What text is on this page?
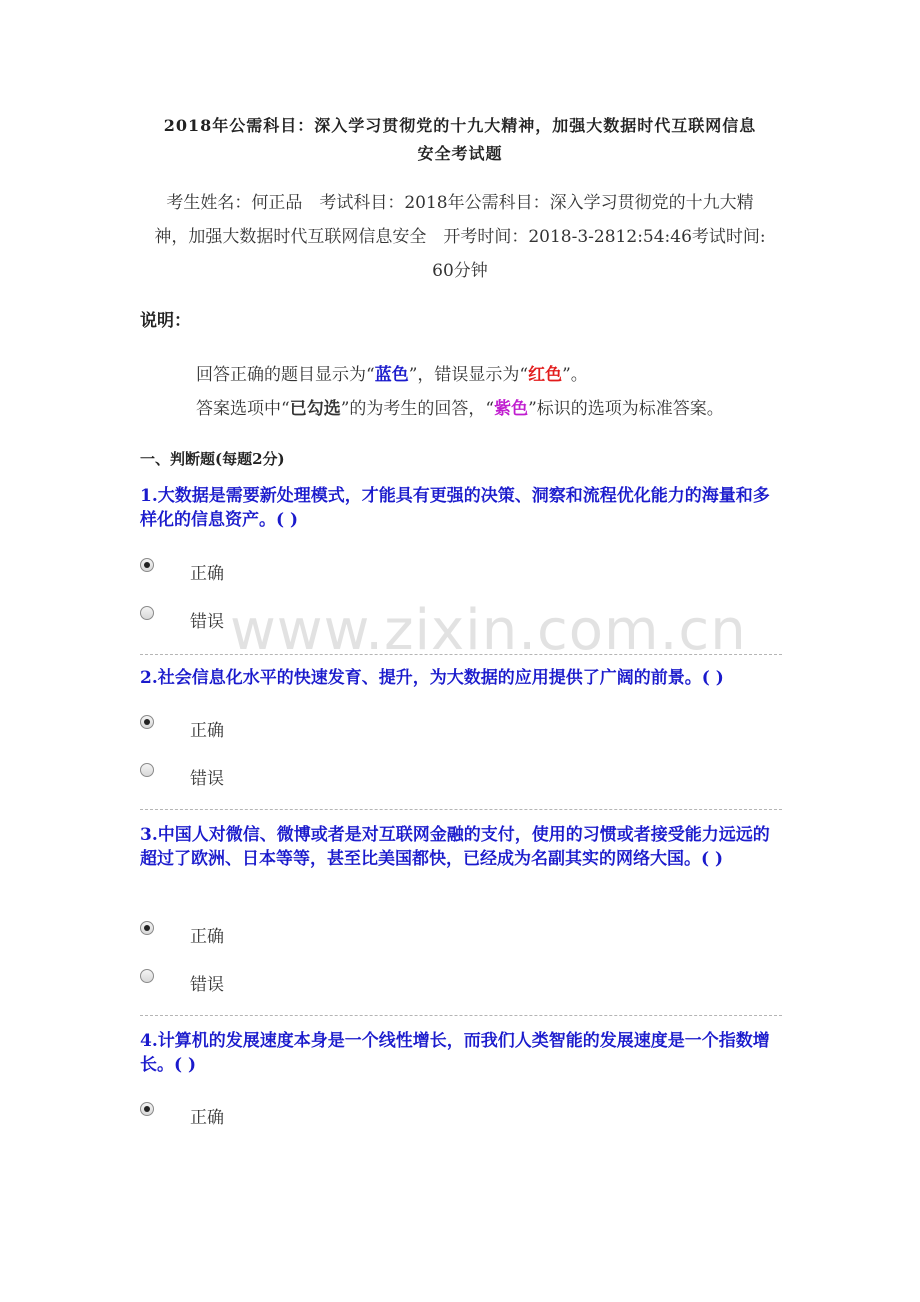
2018年公需科目：深入学习贯彻党的十九大精神，加强大数据时代互联网信息
安全考试题
考生姓名：何正品　考试科目：2018年公需科目：深入学习贯彻党的十九大精
神，加强大数据时代互联网信息安全　开考时间：2018-3-2812:54:46考试时间:
60分钟
说明：
回答正确的题目显示为“蓝色”，错误显示为“红色”。
答案选项中“已勾选”的为考生的回答，“紫色”标识的选项为标准答案。
一、判断题(每题2分)
1.大数据是需要新处理模式，才能具有更强的决策、洞察和流程优化能力的海量和多样化的信息资产。( )
正确
错误
2.社会信息化水平的快速发育、提升，为大数据的应用提供了广阔的前景。( )
正确
错误
3.中国人对微信、微博或者是对互联网金融的支付，使用的习惯或者接受能力远远的超过了欧洲、日本等等，甚至比美国都快，已经成为名副其实的网络大国。( )
正确
错误
4.计算机的发展速度本身是一个线性增长，而我们人类智能的发展速度是一个指数增长。( )
正确
www.zixin.com.cn
